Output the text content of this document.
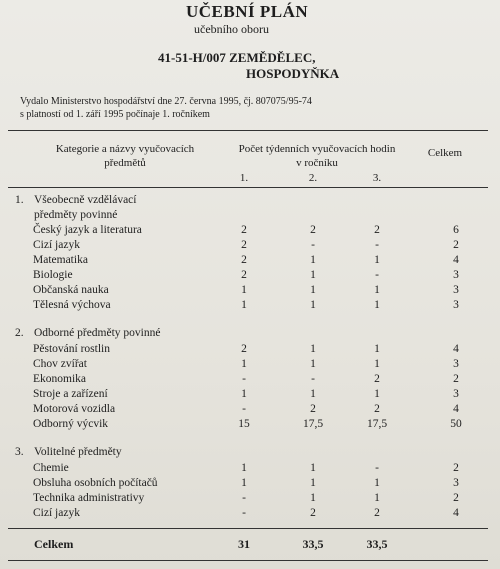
UČEBNÍ PLÁN
učebního oboru
41-51-H/007 ZEMĚDĚLEC,
HOSPODYŇKA
Vydalo Ministerstvo hospodářství dne 27. června 1995, čj. 807075/95-74
s platností od 1. září 1995 počínaje 1. ročníkem
Kategorie a názvy vyučovacích
předmětů
Počet týdenních vyučovacích hodin
v ročníku
Celkem
1.	2.	3.
1. Všeobecně vzdělávací
předměty povinné
Český jazyk a literatura	2	2	2	6
Cizí jazyk	2	-	-	2
Matematika	2	1	1	4
Biologie	2	1	-	3
Občanská nauka	1	1	1	3
Tělesná výchova	1	1	1	3
2. Odborné předměty povinné
Pěstování rostlin	2	1	1	4
Chov zvířat	1	1	1	3
Ekonomika	-	-	2	2
Stroje a zařízení	1	1	1	3
Motorová vozidla	-	2	2	4
Odborný výcvik	15	17,5	17,5	50
3. Volitelné předměty
Chemie	1	1	-	2
Obsluha osobních počítačů	1	1	1	3
Technika administrativy	-	1	1	2
Cizí jazyk	-	2	2	4
Celkem	31	33,5	33,5
